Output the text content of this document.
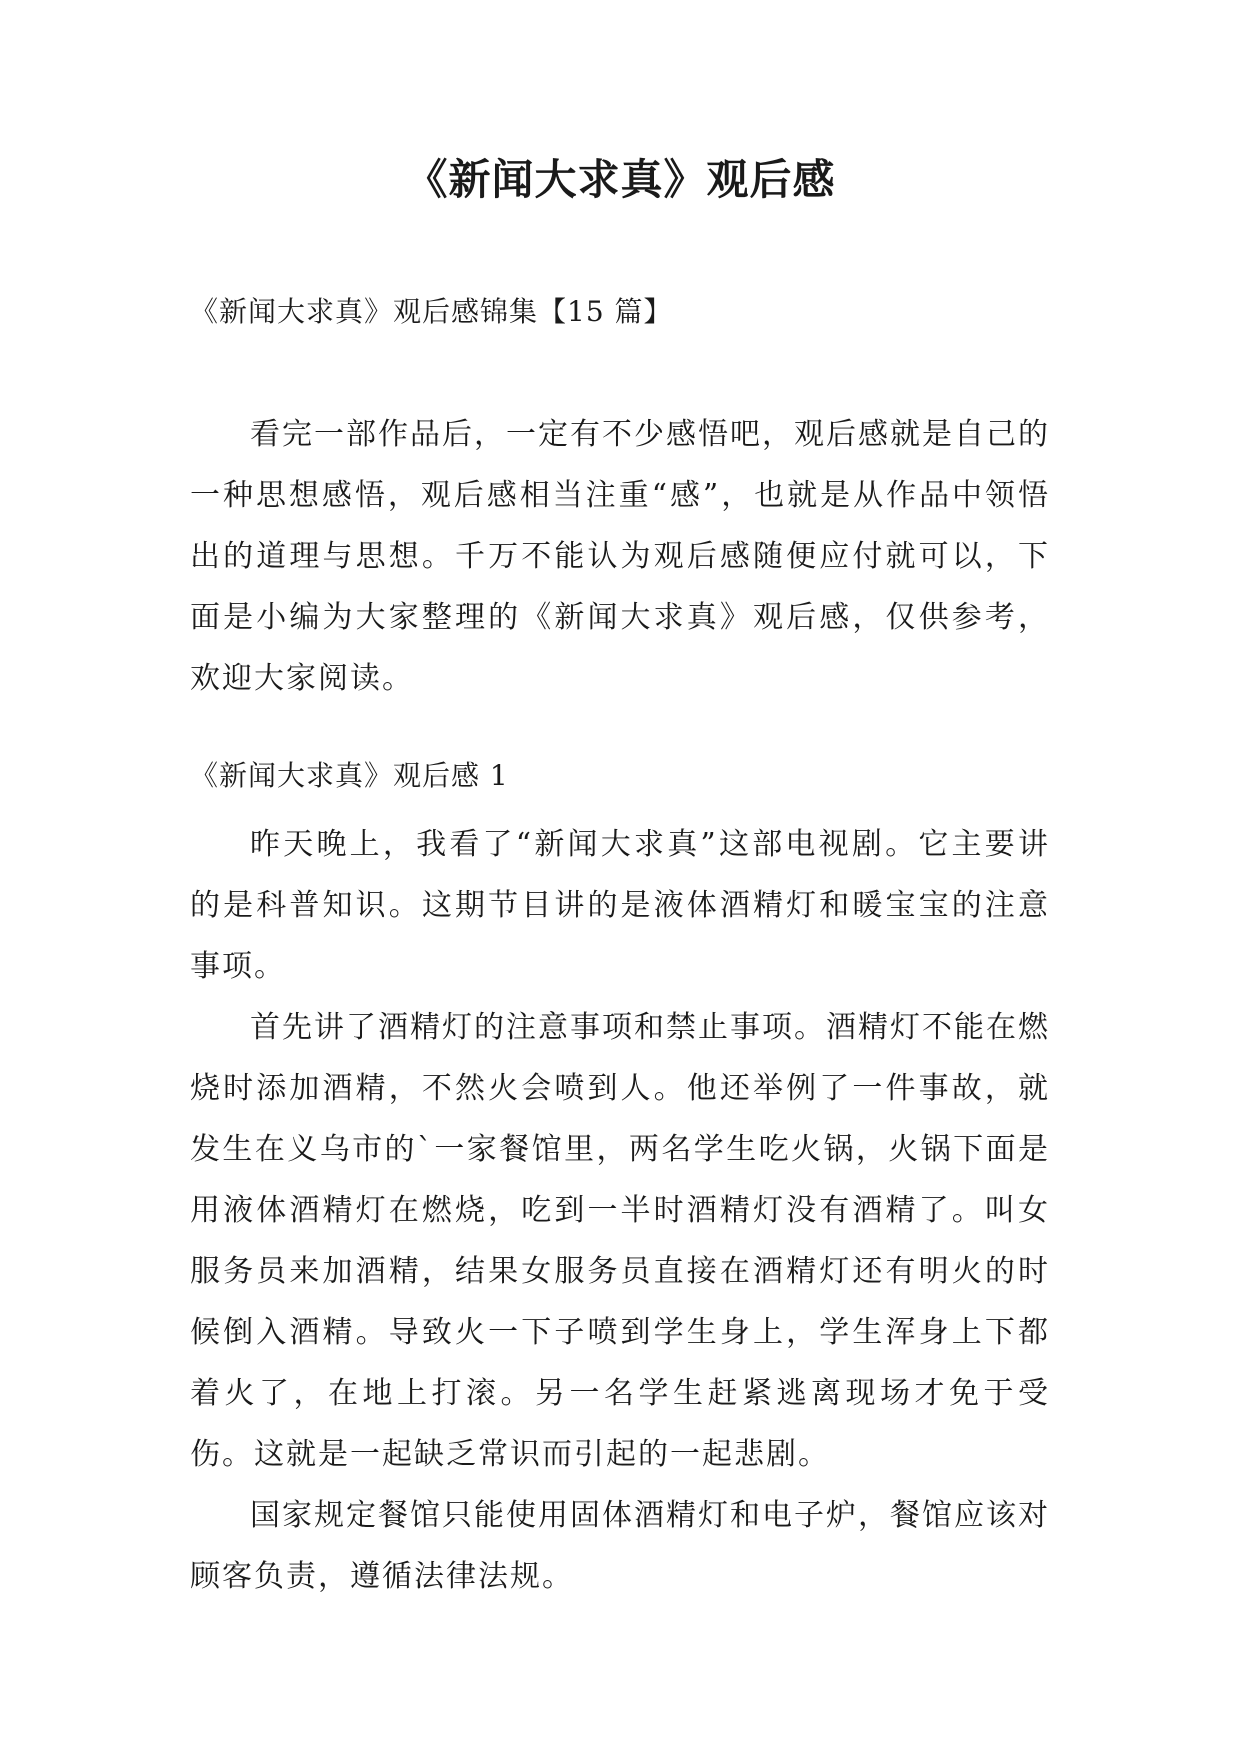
《新闻大求真》观后感

《新闻大求真》观后感锦集【15 篇】

看完一部作品后，一定有不少感悟吧，观后感就是自己的一种思想感悟，观后感相当注重“感”，也就是从作品中领悟出的道理与思想。千万不能认为观后感随便应付就可以，下面是小编为大家整理的《新闻大求真》观后感，仅供参考，欢迎大家阅读。

《新闻大求真》观后感 1

昨天晚上，我看了“新闻大求真”这部电视剧。它主要讲的是科普知识。这期节目讲的是液体酒精灯和暖宝宝的注意事项。

首先讲了酒精灯的注意事项和禁止事项。酒精灯不能在燃烧时添加酒精，不然火会喷到人。他还举例了一件事故，就发生在义乌市的`一家餐馆里，两名学生吃火锅，火锅下面是用液体酒精灯在燃烧，吃到一半时酒精灯没有酒精了。叫女服务员来加酒精，结果女服务员直接在酒精灯还有明火的时候倒入酒精。导致火一下子喷到学生身上，学生浑身上下都着火了，在地上打滚。另一名学生赶紧逃离现场才免于受伤。这就是一起缺乏常识而引起的一起悲剧。

国家规定餐馆只能使用固体酒精灯和电子炉，餐馆应该对顾客负责，遵循法律法规。
